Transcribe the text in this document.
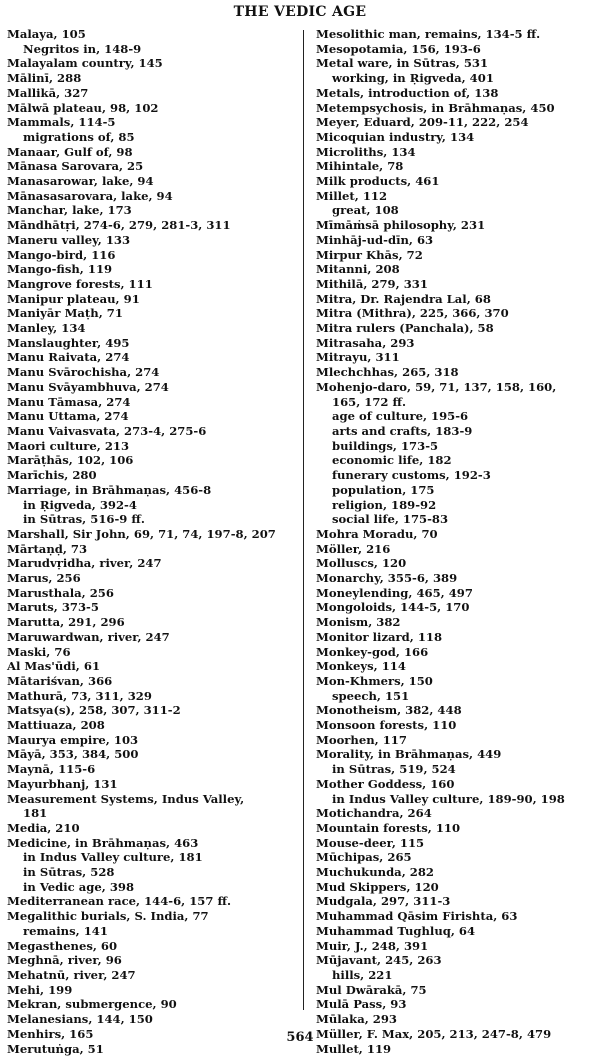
THE VEDIC AGE
Malaya, 105
Negritos in, 148-9
Malayalam country, 145
Mālinī, 288
Mallikā, 327
Mālwā plateau, 98, 102
Mammals, 114-5
migrations of, 85
Manaar, Gulf of, 98
Mānasa Sarovara, 25
Manasarowar, lake, 94
Mānasasarovara, lake, 94
Manchar, lake, 173
Māndhātṛi, 274-6, 279, 281-3, 311
Maneru valley, 133
Mango-bird, 116
Mango-fish, 119
Mangrove forests, 111
Manipur plateau, 91
Maniyār Maṭh, 71
Manley, 134
Manslaughter, 495
Manu Raivata, 274
Manu Svārochisha, 274
Manu Svāyambhuva, 274
Manu Tāmasa, 274
Manu Uttama, 274
Manu Vaivasvata, 273-4, 275-6
Maori culture, 213
Marāṭhās, 102, 106
Marīchis, 280
Marriage, in Brāhmaṇas, 456-8
in Ṛigveda, 392-4
in Sūtras, 516-9 ff.
Marshall, Sir John, 69, 71, 74, 197-8, 207
Mārtaṇḍ, 73
Marudvṛidha, river, 247
Marus, 256
Marusthala, 256
Maruts, 373-5
Marutta, 291, 296
Maruwardwan, river, 247
Maski, 76
Al Mas'ūdi, 61
Mātariśvan, 366
Mathurā, 73, 311, 329
Matsya(s), 258, 307, 311-2
Mattiuaza, 208
Maurya empire, 103
Māyā, 353, 384, 500
Maynā, 115-6
Mayurbhanj, 131
Measurement Systems, Indus Valley,
181
Media, 210
Medicine, in Brāhmaṇas, 463
in Indus Valley culture, 181
in Sūtras, 528
in Vedic age, 398
Mediterranean race, 144-6, 157 ff.
Megalithic burials, S. India, 77
remains, 141
Megasthenes, 60
Meghnā, river, 96
Mehatnū, river, 247
Mehi, 199
Mekran, submergence, 90
Melanesians, 144, 150
Menhirs, 165
Merutuṅga, 51
Mesolithic man, remains, 134-5 ff.
Mesopotamia, 156, 193-6
Metal ware, in Sūtras, 531
working, in Ṛigveda, 401
Metals, introduction of, 138
Metempsychosis, in Brāhmaṇas, 450
Meyer, Eduard, 209-11, 222, 254
Micoquian industry, 134
Microliths, 134
Mihintale, 78
Milk products, 461
Millet, 112
great, 108
Mīmāṁsā philosophy, 231
Minhāj-ud-dīn, 63
Mirpur Khās, 72
Mitanni, 208
Mithilā, 279, 331
Mitra, Dr. Rajendra Lal, 68
Mitra (Mithra), 225, 366, 370
Mitra rulers (Panchala), 58
Mitrasaha, 293
Mitrayu, 311
Mlechchhas, 265, 318
Mohenjo-daro, 59, 71, 137, 158, 160,
165, 172 ff.
age of culture, 195-6
arts and crafts, 183-9
buildings, 173-5
economic life, 182
funerary customs, 192-3
population, 175
religion, 189-92
social life, 175-83
Mohra Moradu, 70
Möller, 216
Molluscs, 120
Monarchy, 355-6, 389
Moneylending, 465, 497
Mongoloids, 144-5, 170
Monism, 382
Monitor lizard, 118
Monkey-god, 166
Monkeys, 114
Mon-Khmers, 150
speech, 151
Monotheism, 382, 448
Monsoon forests, 110
Moorhen, 117
Morality, in Brāhmaṇas, 449
in Sūtras, 519, 524
Mother Goddess, 160
in Indus Valley culture, 189-90, 198
Motichandra, 264
Mountain forests, 110
Mouse-deer, 115
Mūchipas, 265
Muchukunda, 282
Mud Skippers, 120
Mudgala, 297, 311-3
Muhammad Qāsim Firishta, 63
Muhammad Tughluq, 64
Muir, J., 248, 391
Mūjavant, 245, 263
hills, 221
Mul Dwārakā, 75
Mulā Pass, 93
Mūlaka, 293
Müller, F. Max, 205, 213, 247-8, 479
Mullet, 119
564
